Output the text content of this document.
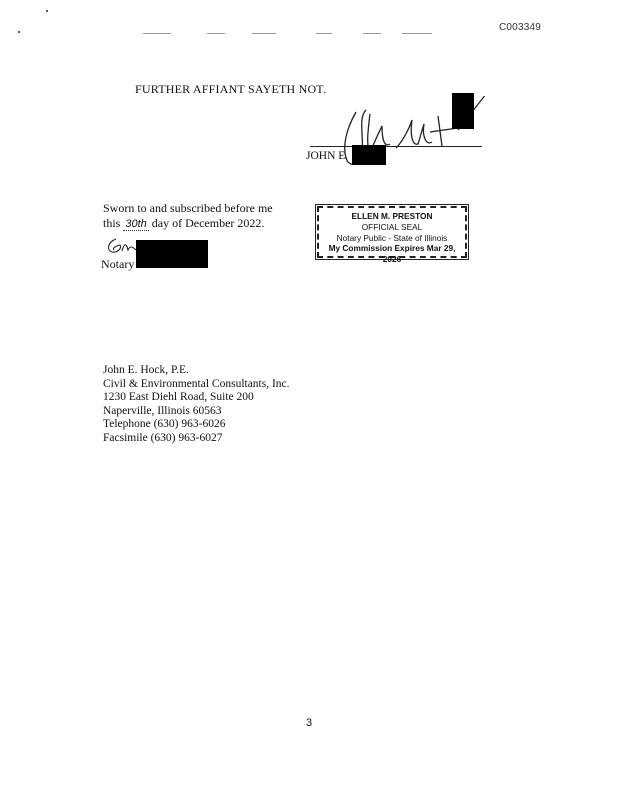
C003349
FURTHER AFFIANT SAYETH NOT.
JOHN E.
Sworn to and subscribed before me
this 30th day of December 2022.
Notary
ELLEN M. PRESTON
OFFICIAL SEAL
Notary Public - State of Illinois
My Commission Expires Mar 29, 2026
John E. Hock, P.E.
Civil & Environmental Consultants, Inc.
1230 East Diehl Road, Suite 200
Naperville, Illinois 60563
Telephone (630) 963-6026
Facsimile (630) 963-6027
3
